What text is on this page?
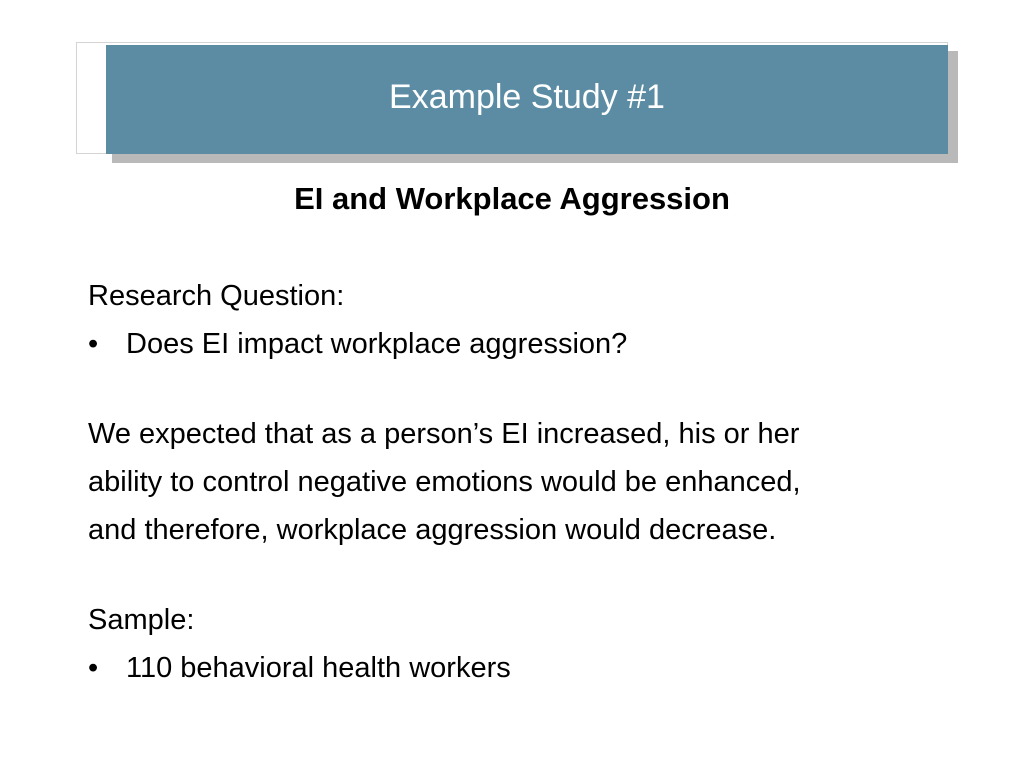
Example Study #1
EI and Workplace Aggression

Research Question:

• Does EI impact workplace aggression?
We expected that as a person’s EI increased, his or her
ability to control negative emotions would be enhanced,
and therefore, workplace aggression would decrease.

Sample:

• 110 behavioral health workers
